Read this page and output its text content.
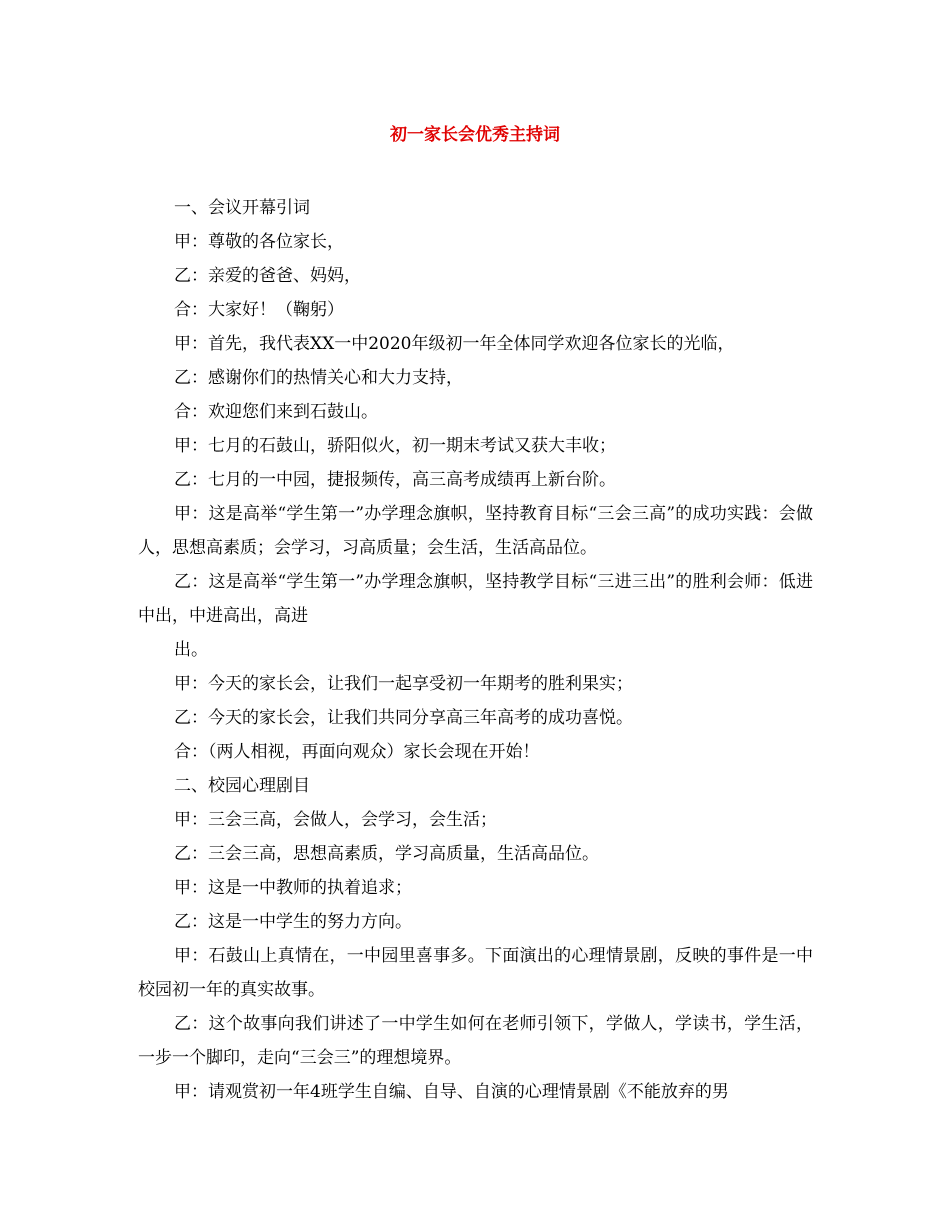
初一家长会优秀主持词

一、会议开幕引词

甲：尊敬的各位家长，

乙：亲爱的爸爸、妈妈，

合：大家好！（鞠躬）

甲：首先，我代表XX一中2020年级初一年全体同学欢迎各位家长的光临，

乙：感谢你们的热情关心和大力支持，

合：欢迎您们来到石鼓山。

甲：七月的石鼓山，骄阳似火，初一期末考试又获大丰收；

乙：七月的一中园，捷报频传，高三高考成绩再上新台阶。

甲：这是高举“学生第一”办学理念旗帜，坚持教育目标“三会三高”的成功实践：会做人，思想高素质；会学习，习高质量；会生活，生活高品位。

乙：这是高举“学生第一”办学理念旗帜，坚持教学目标“三进三出”的胜利会师：低进中出，中进高出，高进

出。

甲：今天的家长会，让我们一起享受初一年期考的胜利果实；

乙：今天的家长会，让我们共同分享高三年高考的成功喜悦。

合：（两人相视，再面向观众）家长会现在开始！

二、校园心理剧目

甲：三会三高，会做人，会学习，会生活；

乙：三会三高，思想高素质，学习高质量，生活高品位。

甲：这是一中教师的执着追求；

乙：这是一中学生的努力方向。

甲：石鼓山上真情在，一中园里喜事多。下面演出的心理情景剧，反映的事件是一中校园初一年的真实故事。

乙：这个故事向我们讲述了一中学生如何在老师引领下，学做人，学读书，学生活，一步一个脚印，走向“三会三”的理想境界。

甲：请观赏初一年4班学生自编、自导、自演的心理情景剧《不能放弃的男
